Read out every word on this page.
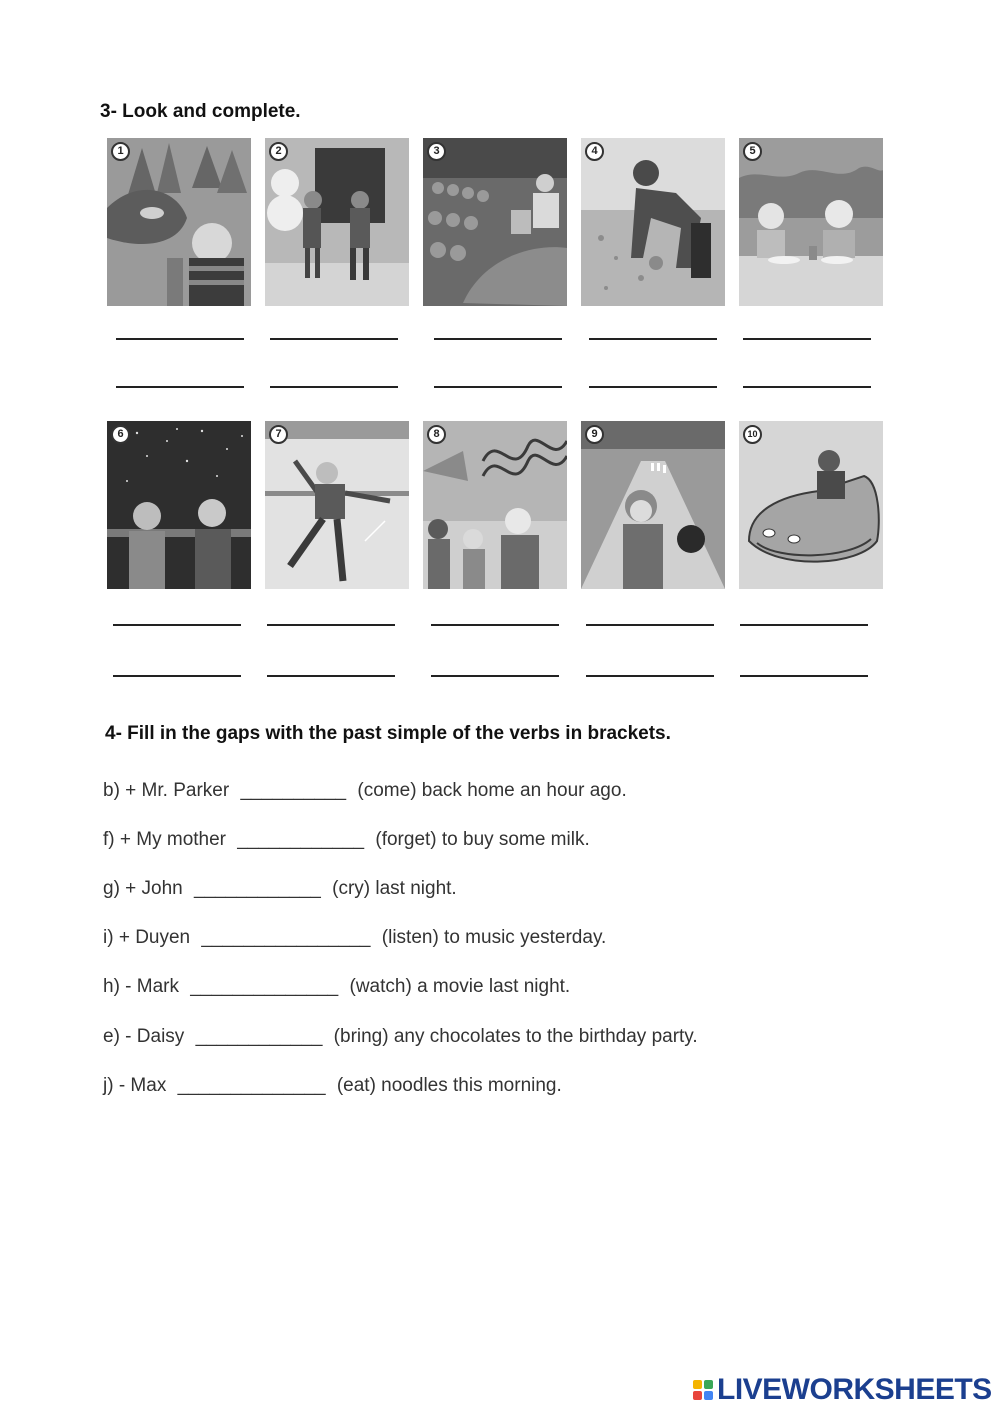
3- Look and complete.
1	2	3	4	5
6	7	8	9	10
4- Fill in the gaps with the past simple of the verbs in brackets.
b) + Mr. Parker __________ (come) back home an hour ago.
f) + My mother ____________ (forget) to buy some milk.
g) + John ____________ (cry) last night.
i) + Duyen ________________ (listen) to music yesterday.
h) - Mark ______________ (watch) a movie last night.
e) - Daisy ____________ (bring) any chocolates to the birthday party.
j) - Max ______________ (eat) noodles this morning.
LIVEWORKSHEETS
